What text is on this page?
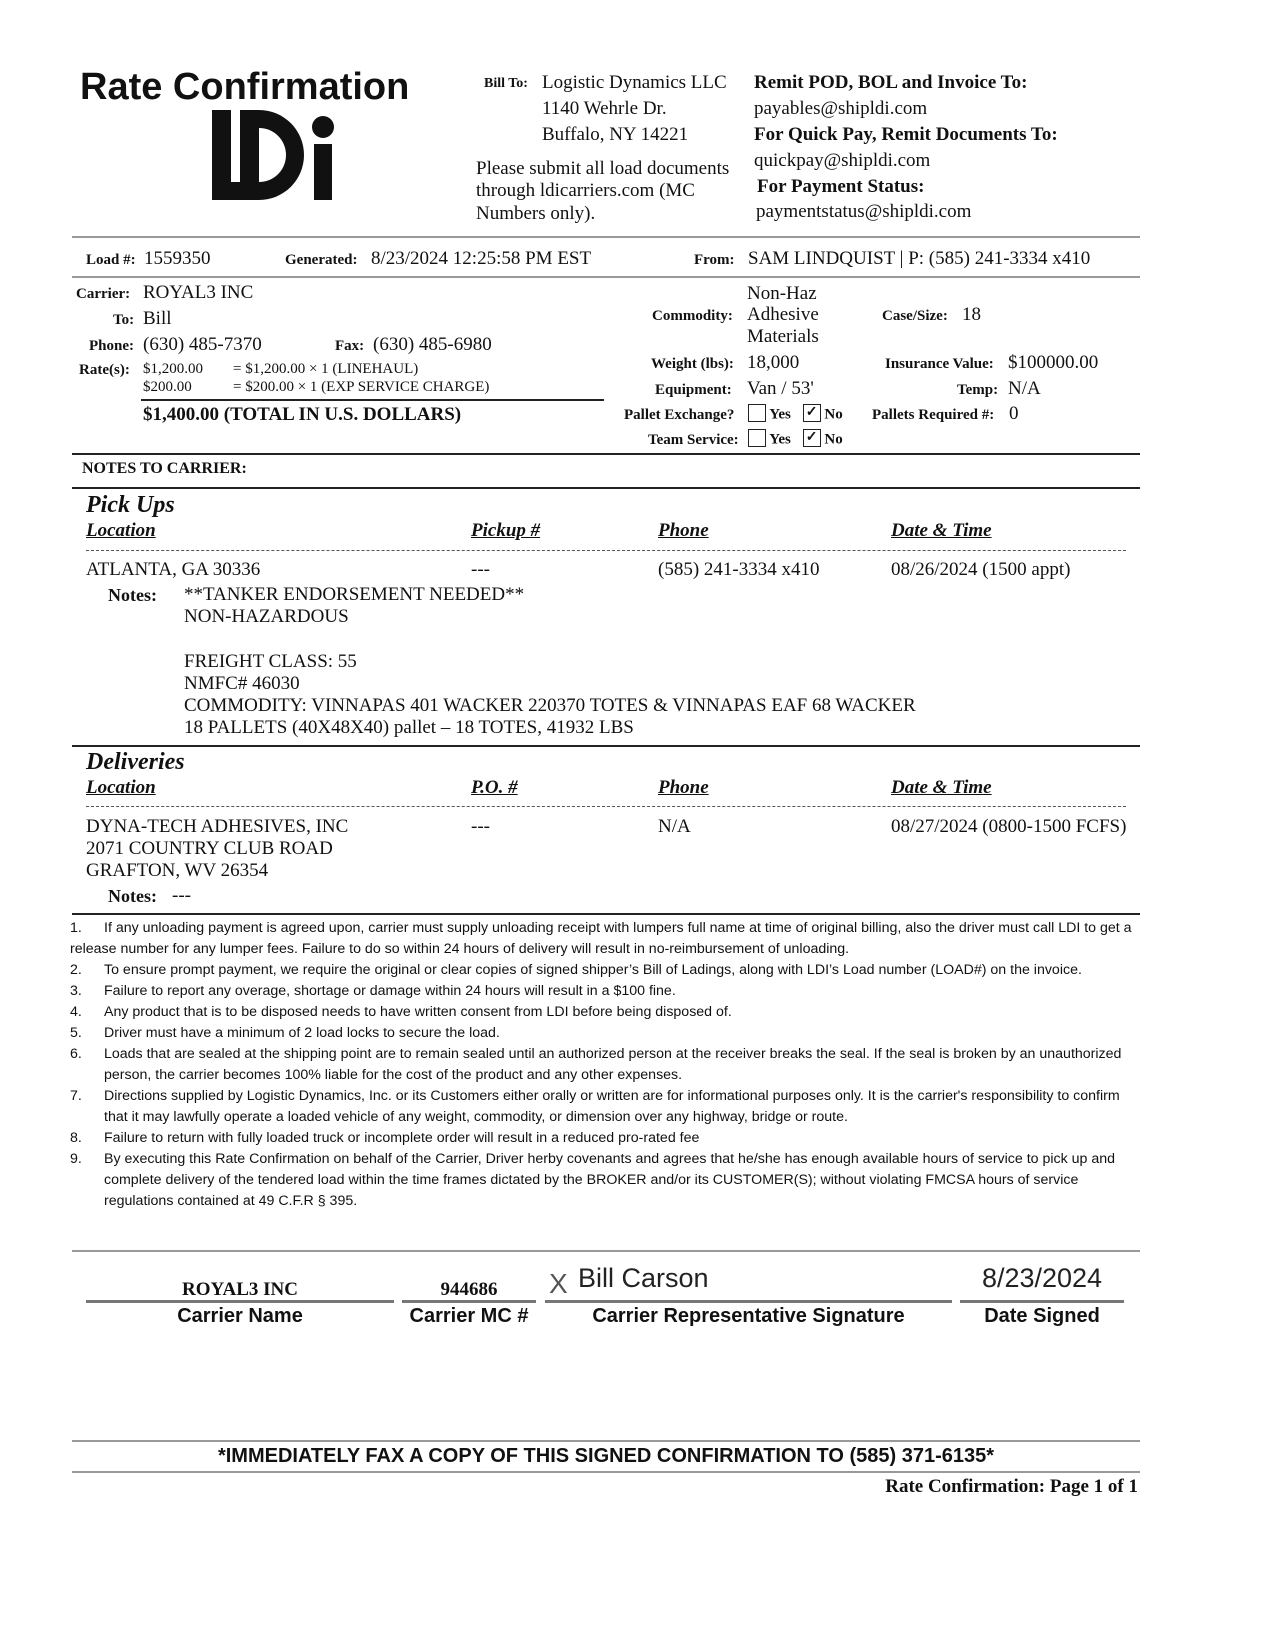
Rate Confirmation	Bill To: Logistic Dynamics LLC
1140 Wehrle Dr.
Buffalo, NY 14221
Please submit all load documents
through ldicarriers.com (MC
Numbers only).
Remit POD, BOL and Invoice To:
payables@shipldi.com
For Quick Pay, Remit Documents To:
quickpay@shipldi.com
For Payment Status:
paymentstatus@shipldi.com
Load #: 1559350	Generated: 8/23/2024 12:25:58 PM EST	From: SAM LINDQUIST | P: (585) 241-3334 x410
Carrier: ROYAL3 INC
To: Bill
Phone: (630) 485-7370	Fax: (630) 485-6980
Rate(s): $1,200.00 = $1,200.00 × 1 (LINEHAUL)
$200.00	= $200.00 × 1 (EXP SERVICE CHARGE)
$1,400.00 (TOTAL IN U.S. DOLLARS)
Non-Haz
Commodity: Adhesive
Materials
Case/Size: 18
Weight (lbs): 18,000	Insurance Value: $100000.00
Equipment: Van / 53'	Temp: N/A
Pallet Exchange?	Yes ✓ No Pallets Required #: 0
Team Service:	Yes ✓ No
NOTES TO CARRIER:
Pick Ups
Location	Pickup #	Phone	Date & Time
ATLANTA, GA 30336	---	(585) 241-3334 x410	08/26/2024 (1500 appt)
Notes: **TANKER ENDORSEMENT NEEDED**
NON-HAZARDOUS
FREIGHT CLASS: 55
NMFC# 46030
COMMODITY: VINNAPAS 401 WACKER 220370 TOTES & VINNAPAS EAF 68 WACKER
18 PALLETS (40X48X40) pallet – 18 TOTES, 41932 LBS
Deliveries
Location	P.O. #	Phone	Date & Time
DYNA-TECH ADHESIVES, INC
2071 COUNTRY CLUB ROAD
GRAFTON, WV 26354
---	N/A	08/27/2024 (0800-1500 FCFS)
Notes: ---
1.	If any unloading payment is agreed upon, carrier must supply unloading receipt with lumpers full name at time of original billing, also the driver must call LDI to get a release number for any lumper fees. Failure to do so within 24 hours of delivery will result in no-reimbursement of unloading.
2.	To ensure prompt payment, we require the original or clear copies of signed shipper’s Bill of Ladings, along with LDI’s Load number (LOAD#) on the invoice.
3. Failure to report any overage, shortage or damage within 24 hours will result in a $100 fine.
4. Any product that is to be disposed needs to have written consent from LDI before being disposed of.
5. Driver must have a minimum of 2 load locks to secure the load.
6. Loads that are sealed at the shipping point are to remain sealed until an authorized person at the receiver breaks the seal. If the seal is broken by an unauthorized person, the carrier becomes 100% liable for the cost of the product and any other expenses.
7. Directions supplied by Logistic Dynamics, Inc. or its Customers either orally or written are for informational purposes only. It is the carrier's responsibility to confirm that it may lawfully operate a loaded vehicle of any weight, commodity, or dimension over any highway, bridge or route.
8. Failure to return with fully loaded truck or incomplete order will result in a reduced pro-rated fee
9. By executing this Rate Confirmation on behalf of the Carrier, Driver herby covenants and agrees that he/she has enough available hours of service to pick up and complete delivery of the tendered load within the time frames dictated by the BROKER and/or its CUSTOMER(S); without violating FMCSA hours of service regulations contained at 49 C.F.R § 395.
ROYAL3 INC
Carrier Name
944686
Carrier MC #
X Bill Carson
Carrier Representative Signature
8/23/2024
Date Signed
*IMMEDIATELY FAX A COPY OF THIS SIGNED CONFIRMATION TO (585) 371-6135*
Rate Confirmation: Page 1 of 1
